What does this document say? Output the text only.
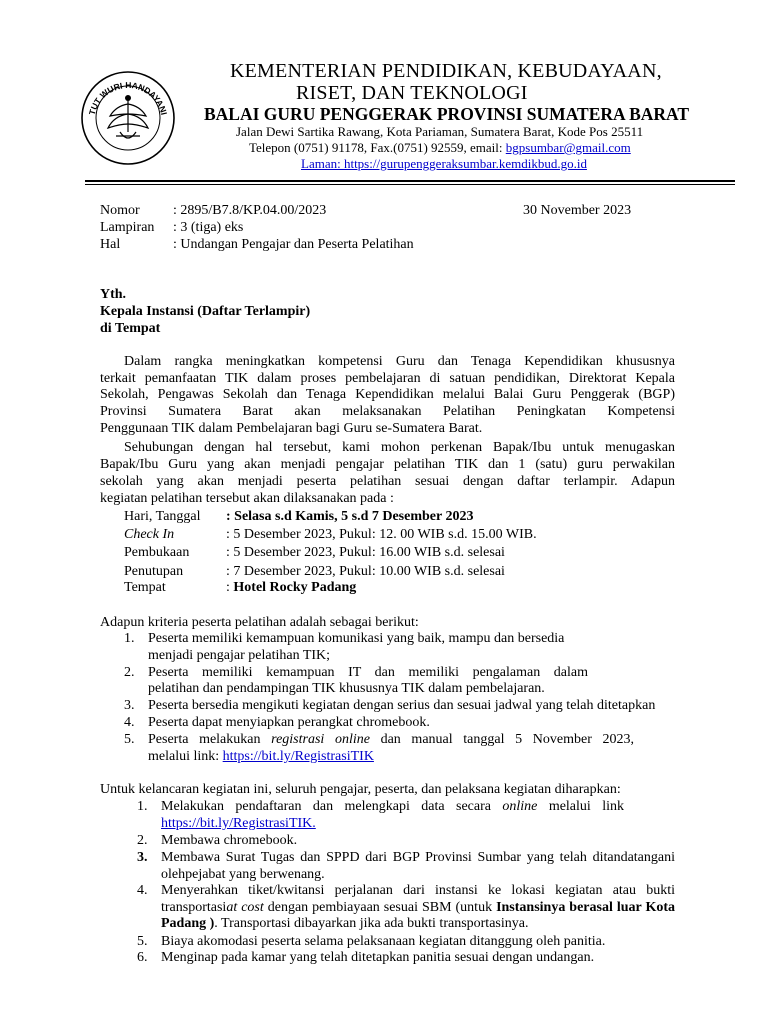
TUT WURI HANDAYANI
KEMENTERIAN PENDIDIKAN, KEBUDAYAAN,
RISET, DAN TEKNOLOGI
BALAI GURU PENGGERAK PROVINSI SUMATERA BARAT
Jalan Dewi Sartika Rawang, Kota Pariaman, Sumatera Barat, Kode Pos 25511
Telepon (0751) 91178, Fax.(0751) 92559, email: bgpsumbar@gmail.com
Laman: https://gurupenggeraksumbar.kemdikbud.go.id
Nomor : 2895/B7.8/KP.04.00/2023	30 November 2023
Lampiran : 3 (tiga) eks
Hal	: Undangan Pengajar dan Peserta Pelatihan
Yth.
Kepala Instansi (Daftar Terlampir)
di Tempat
Dalam rangka meningkatkan kompetensi Guru dan Tenaga Kependidikan khususnya
terkait pemanfaatan TIK dalam proses pembelajaran di satuan pendidikan, Direktorat Kepala
Sekolah, Pengawas Sekolah dan Tenaga Kependidikan melalui Balai Guru Penggerak (BGP)
Provinsi Sumatera Barat akan melaksanakan Pelatihan Peningkatan Kompetensi
Penggunaan TIK dalam Pembelajaran bagi Guru se-Sumatera Barat.
Sehubungan dengan hal tersebut, kami mohon perkenan Bapak/Ibu untuk menugaskan
Bapak/Ibu Guru yang akan menjadi pengajar pelatihan TIK dan 1 (satu) guru perwakilan
sekolah yang akan menjadi peserta pelatihan sesuai dengan daftar terlampir. Adapun
kegiatan pelatihan tersebut akan dilaksanakan pada :
Hari, Tanggal : Selasa s.d Kamis, 5 s.d 7 Desember 2023
Check In	: 5 Desember 2023, Pukul: 12. 00 WIB s.d. 15.00 WIB.
Pembukaan	: 5 Desember 2023, Pukul: 16.00 WIB s.d. selesai
Penutupan	: 7 Desember 2023, Pukul: 10.00 WIB s.d. selesai
Tempat	: Hotel Rocky Padang
Adapun kriteria peserta pelatihan adalah sebagai berikut:
1. Peserta memiliki kemampuan komunikasi yang baik, mampu dan bersedia
menjadi pengajar pelatihan TIK;
2. Peserta memiliki kemampuan IT dan memiliki pengalaman dalam
pelatihan dan pendampingan TIK khususnya TIK dalam pembelajaran.
3. Peserta bersedia mengikuti kegiatan dengan serius dan sesuai jadwal yang telah ditetapkan
4. Peserta dapat menyiapkan perangkat chromebook.
5. Peserta melakukan registrasi online dan manual tanggal 5 November 2023,
melalui link: https://bit.ly/RegistrasiTIK
Untuk kelancaran kegiatan ini, seluruh pengajar, peserta, dan pelaksana kegiatan diharapkan:
1. Melakukan pendaftaran dan melengkapi data secara online melalui link
https://bit.ly/RegistrasiTIK.
2. Membawa chromebook.
3. Membawa Surat Tugas dan SPPD dari BGP Provinsi Sumbar yang telah ditandatangani
olehpejabat yang berwenang.
4. Menyerahkan tiket/kwitansi perjalanan dari instansi ke lokasi kegiatan atau bukti
transportasiat cost dengan pembiayaan sesuai SBM (untuk Instansinya berasal luar Kota
Padang ). Transportasi dibayarkan jika ada bukti transportasinya.
5. Biaya akomodasi peserta selama pelaksanaan kegiatan ditanggung oleh panitia.
6. Menginap pada kamar yang telah ditetapkan panitia sesuai dengan undangan.
